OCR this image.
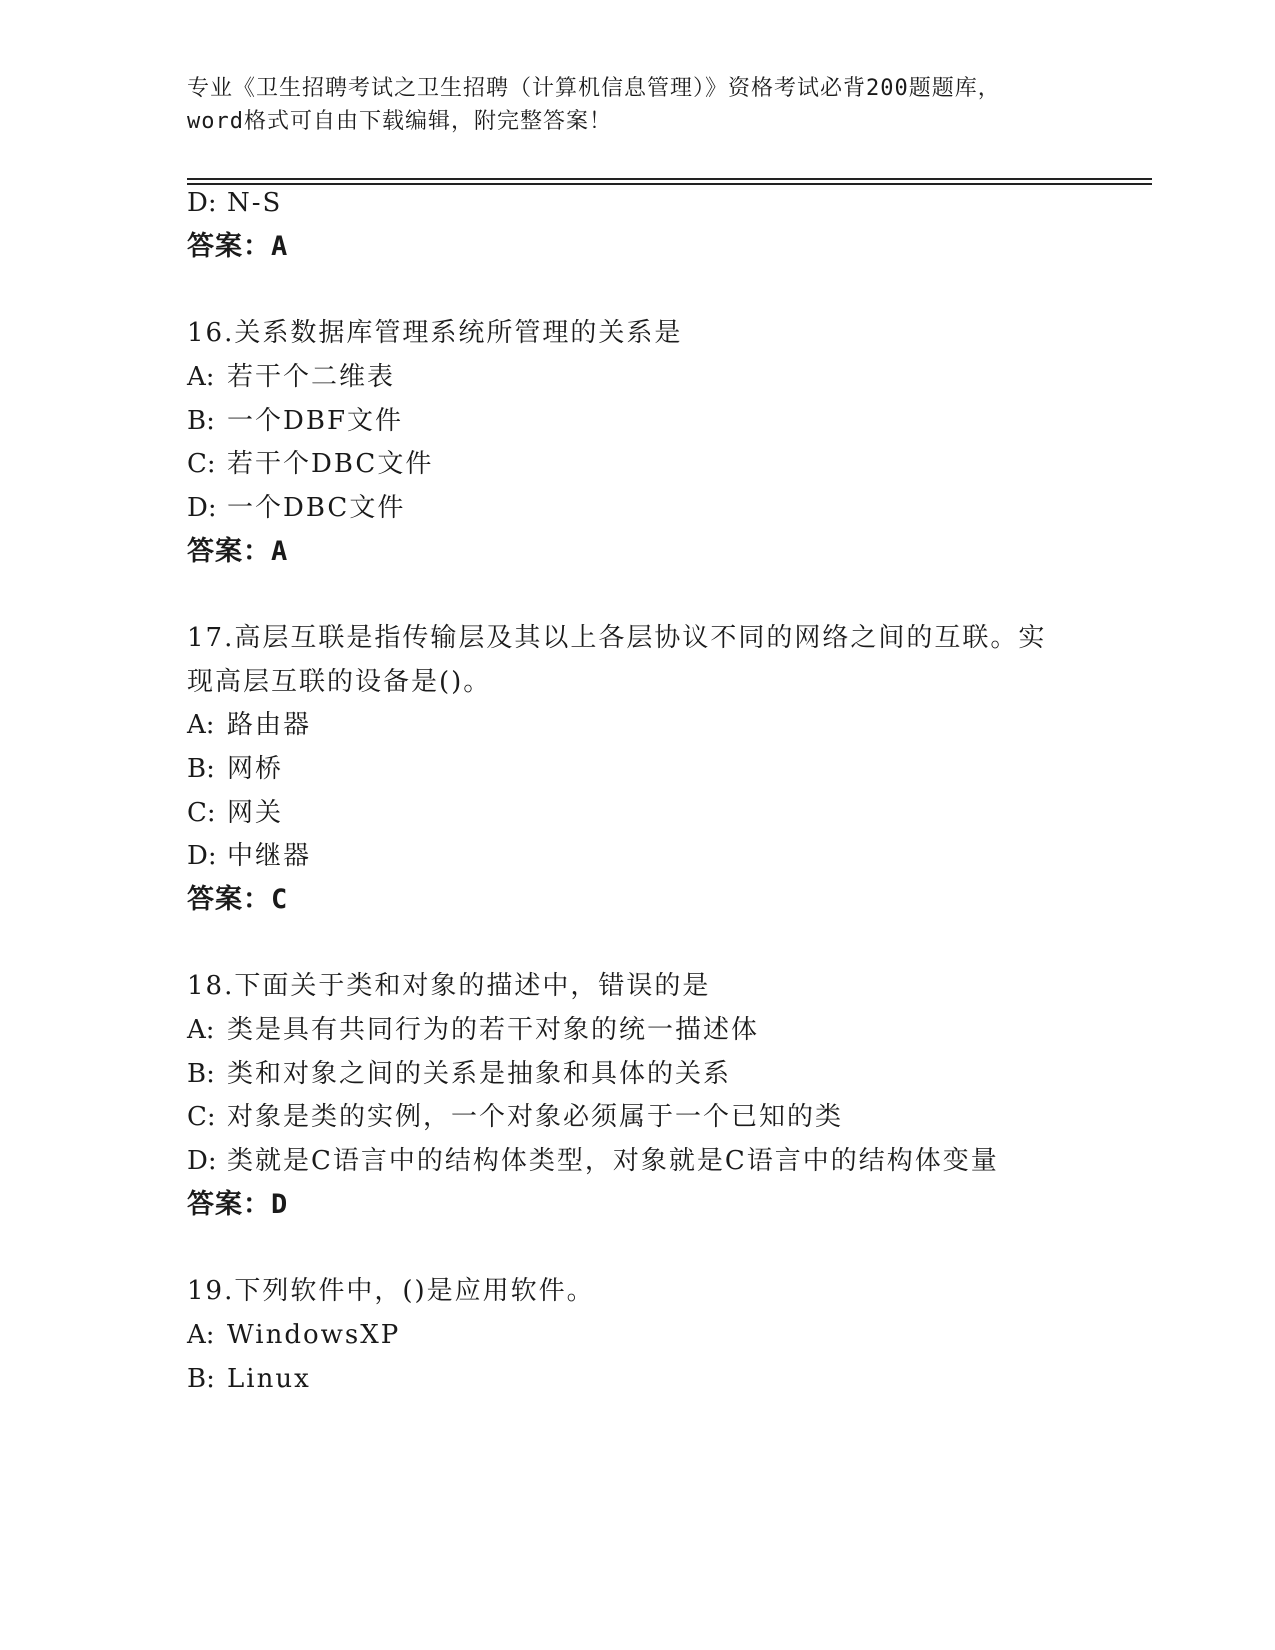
专业《卫生招聘考试之卫生招聘（计算机信息管理）》资格考试必背200题题库，
word格式可自由下载编辑，附完整答案！
D: N-S
答案：A
16.关系数据库管理系统所管理的关系是
A: 若干个二维表
B: 一个DBF文件
C: 若干个DBC文件
D: 一个DBC文件
答案：A
17.高层互联是指传输层及其以上各层协议不同的网络之间的互联。实
现高层互联的设备是()。
A: 路由器
B: 网桥
C: 网关
D: 中继器
答案：C
18.下面关于类和对象的描述中，错误的是
A: 类是具有共同行为的若干对象的统一描述体
B: 类和对象之间的关系是抽象和具体的关系
C: 对象是类的实例，一个对象必须属于一个已知的类
D: 类就是C语言中的结构体类型，对象就是C语言中的结构体变量
答案：D
19.下列软件中，()是应用软件。
A: WindowsXP
B: Linux
